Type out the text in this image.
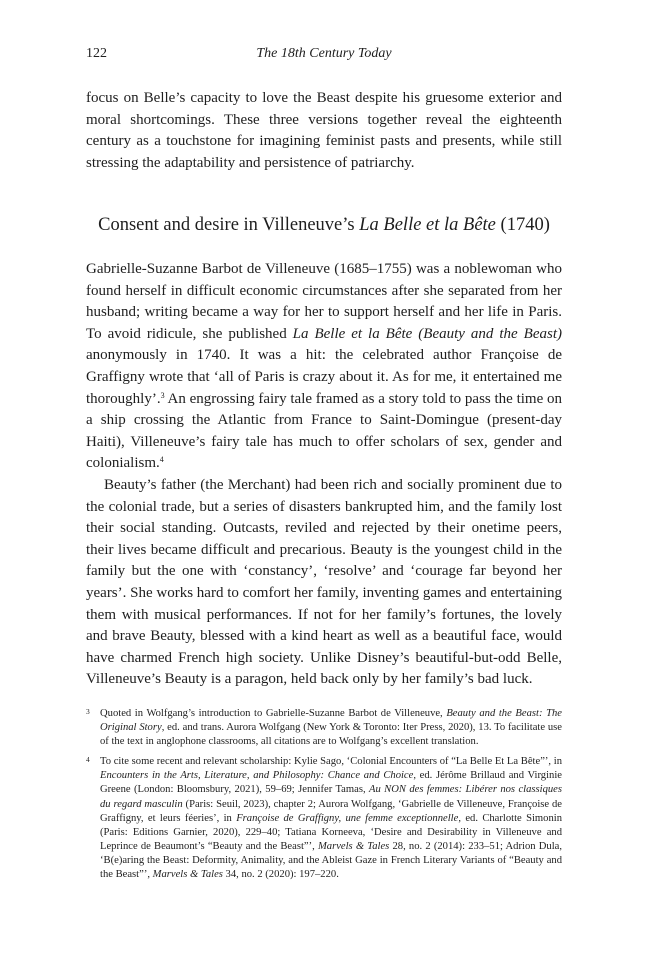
122	The 18th Century Today

focus on Belle’s capacity to love the Beast despite his gruesome exterior and moral shortcomings. These three versions together reveal the eighteenth century as a touchstone for imagining feminist pasts and presents, while still stressing the adaptability and persistence of patriarchy.

Consent and desire in Villeneuve’s La Belle et la Bête (1740)

Gabrielle-Suzanne Barbot de Villeneuve (1685–1755) was a noblewoman who found herself in difficult economic circumstances after she separated from her husband; writing became a way for her to support herself and her life in Paris. To avoid ridicule, she published La Belle et la Bête (Beauty and the Beast) anonymously in 1740. It was a hit: the celebrated author Françoise de Graffigny wrote that ‘all of Paris is crazy about it. As for me, it entertained me thoroughly’.$^3$ An engrossing fairy tale framed as a story told to pass the time on a ship crossing the Atlantic from France to Saint-Domingue (present-day Haiti), Villeneuve’s fairy tale has much to offer scholars of sex, gender and colonialism.$^4$

Beauty’s father (the Merchant) had been rich and socially prominent due to the colonial trade, but a series of disasters bankrupted him, and the family lost their social standing. Outcasts, reviled and rejected by their onetime peers, their lives became difficult and precarious. Beauty is the youngest child in the family but the one with ‘constancy’, ‘resolve’ and ‘courage far beyond her years’. She works hard to comfort her family, inventing games and entertaining them with musical performances. If not for her family’s fortunes, the lovely and brave Beauty, blessed with a kind heart as well as a beautiful face, would have charmed French high society. Unlike Disney’s beautiful-but-odd Belle, Villeneuve’s Beauty is a paragon, held back only by her family’s bad luck.

3 Quoted in Wolfgang’s introduction to Gabrielle-Suzanne Barbot de Villeneuve, Beauty and the Beast: The Original Story, ed. and trans. Aurora Wolfgang (New York & Toronto: Iter Press, 2020), 13. To facilitate use of the text in anglophone classrooms, all citations are to Wolfgang’s excellent translation.
4 To cite some recent and relevant scholarship: Kylie Sago, ‘Colonial Encounters of “La Belle Et La Bête”’, in Encounters in the Arts, Literature, and Philosophy: Chance and Choice, ed. Jérôme Brillaud and Virginie Greene (London: Bloomsbury, 2021), 59–69; Jennifer Tamas, Au NON des femmes: Libérer nos classiques du regard masculin (Paris: Seuil, 2023), chapter 2; Aurora Wolfgang, ‘Gabrielle de Villeneuve, Françoise de Graffigny, et leurs féeries’, in Françoise de Graffigny, une femme exceptionnelle, ed. Charlotte Simonin (Paris: Editions Garnier, 2020), 229–40; Tatiana Korneeva, ‘Desire and Desirability in Villeneuve and Leprince de Beaumont’s “Beauty and the Beast”’, Marvels & Tales 28, no. 2 (2014): 233–51; Adrion Dula, ‘B(e)aring the Beast: Deformity, Animality, and the Ableist Gaze in French Literary Variants of “Beauty and the Beast”’, Marvels & Tales 34, no. 2 (2020): 197–220.
